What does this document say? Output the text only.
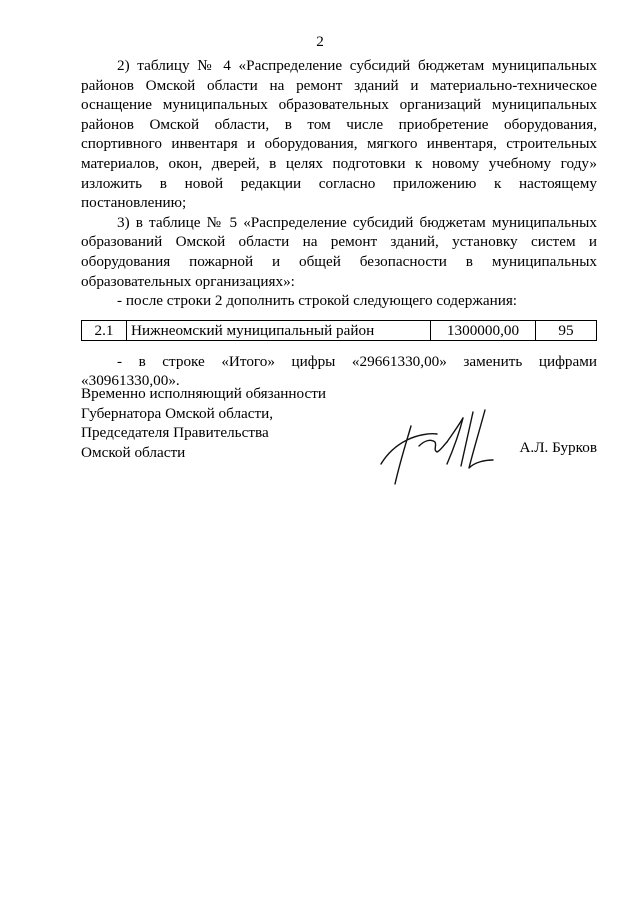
2

2) таблицу № 4 «Распределение субсидий бюджетам муниципальных районов Омской области на ремонт зданий и материально-техническое оснащение муниципальных образовательных организаций муниципальных районов Омской области, в том числе приобретение оборудования, спортивного инвентаря и оборудования, мягкого инвентаря, строительных материалов, окон, дверей, в целях подготовки к новому учебному году» изложить в новой редакции согласно приложению к настоящему постановлению;

3) в таблице № 5 «Распределение субсидий бюджетам муниципальных образований Омской области на ремонт зданий, установку систем и оборудования пожарной и общей безопасности в муниципальных образовательных организациях»:

- после строки 2 дополнить строкой следующего содержания:

2.1	Нижнеомский муниципальный район	1300000,00	95

- в строке «Итого» цифры «29661330,00» заменить цифрами «30961330,00».

Временно исполняющий обязанности
Губернатора Омской области,
Председателя Правительства
Омской области	А.Л. Бурков
